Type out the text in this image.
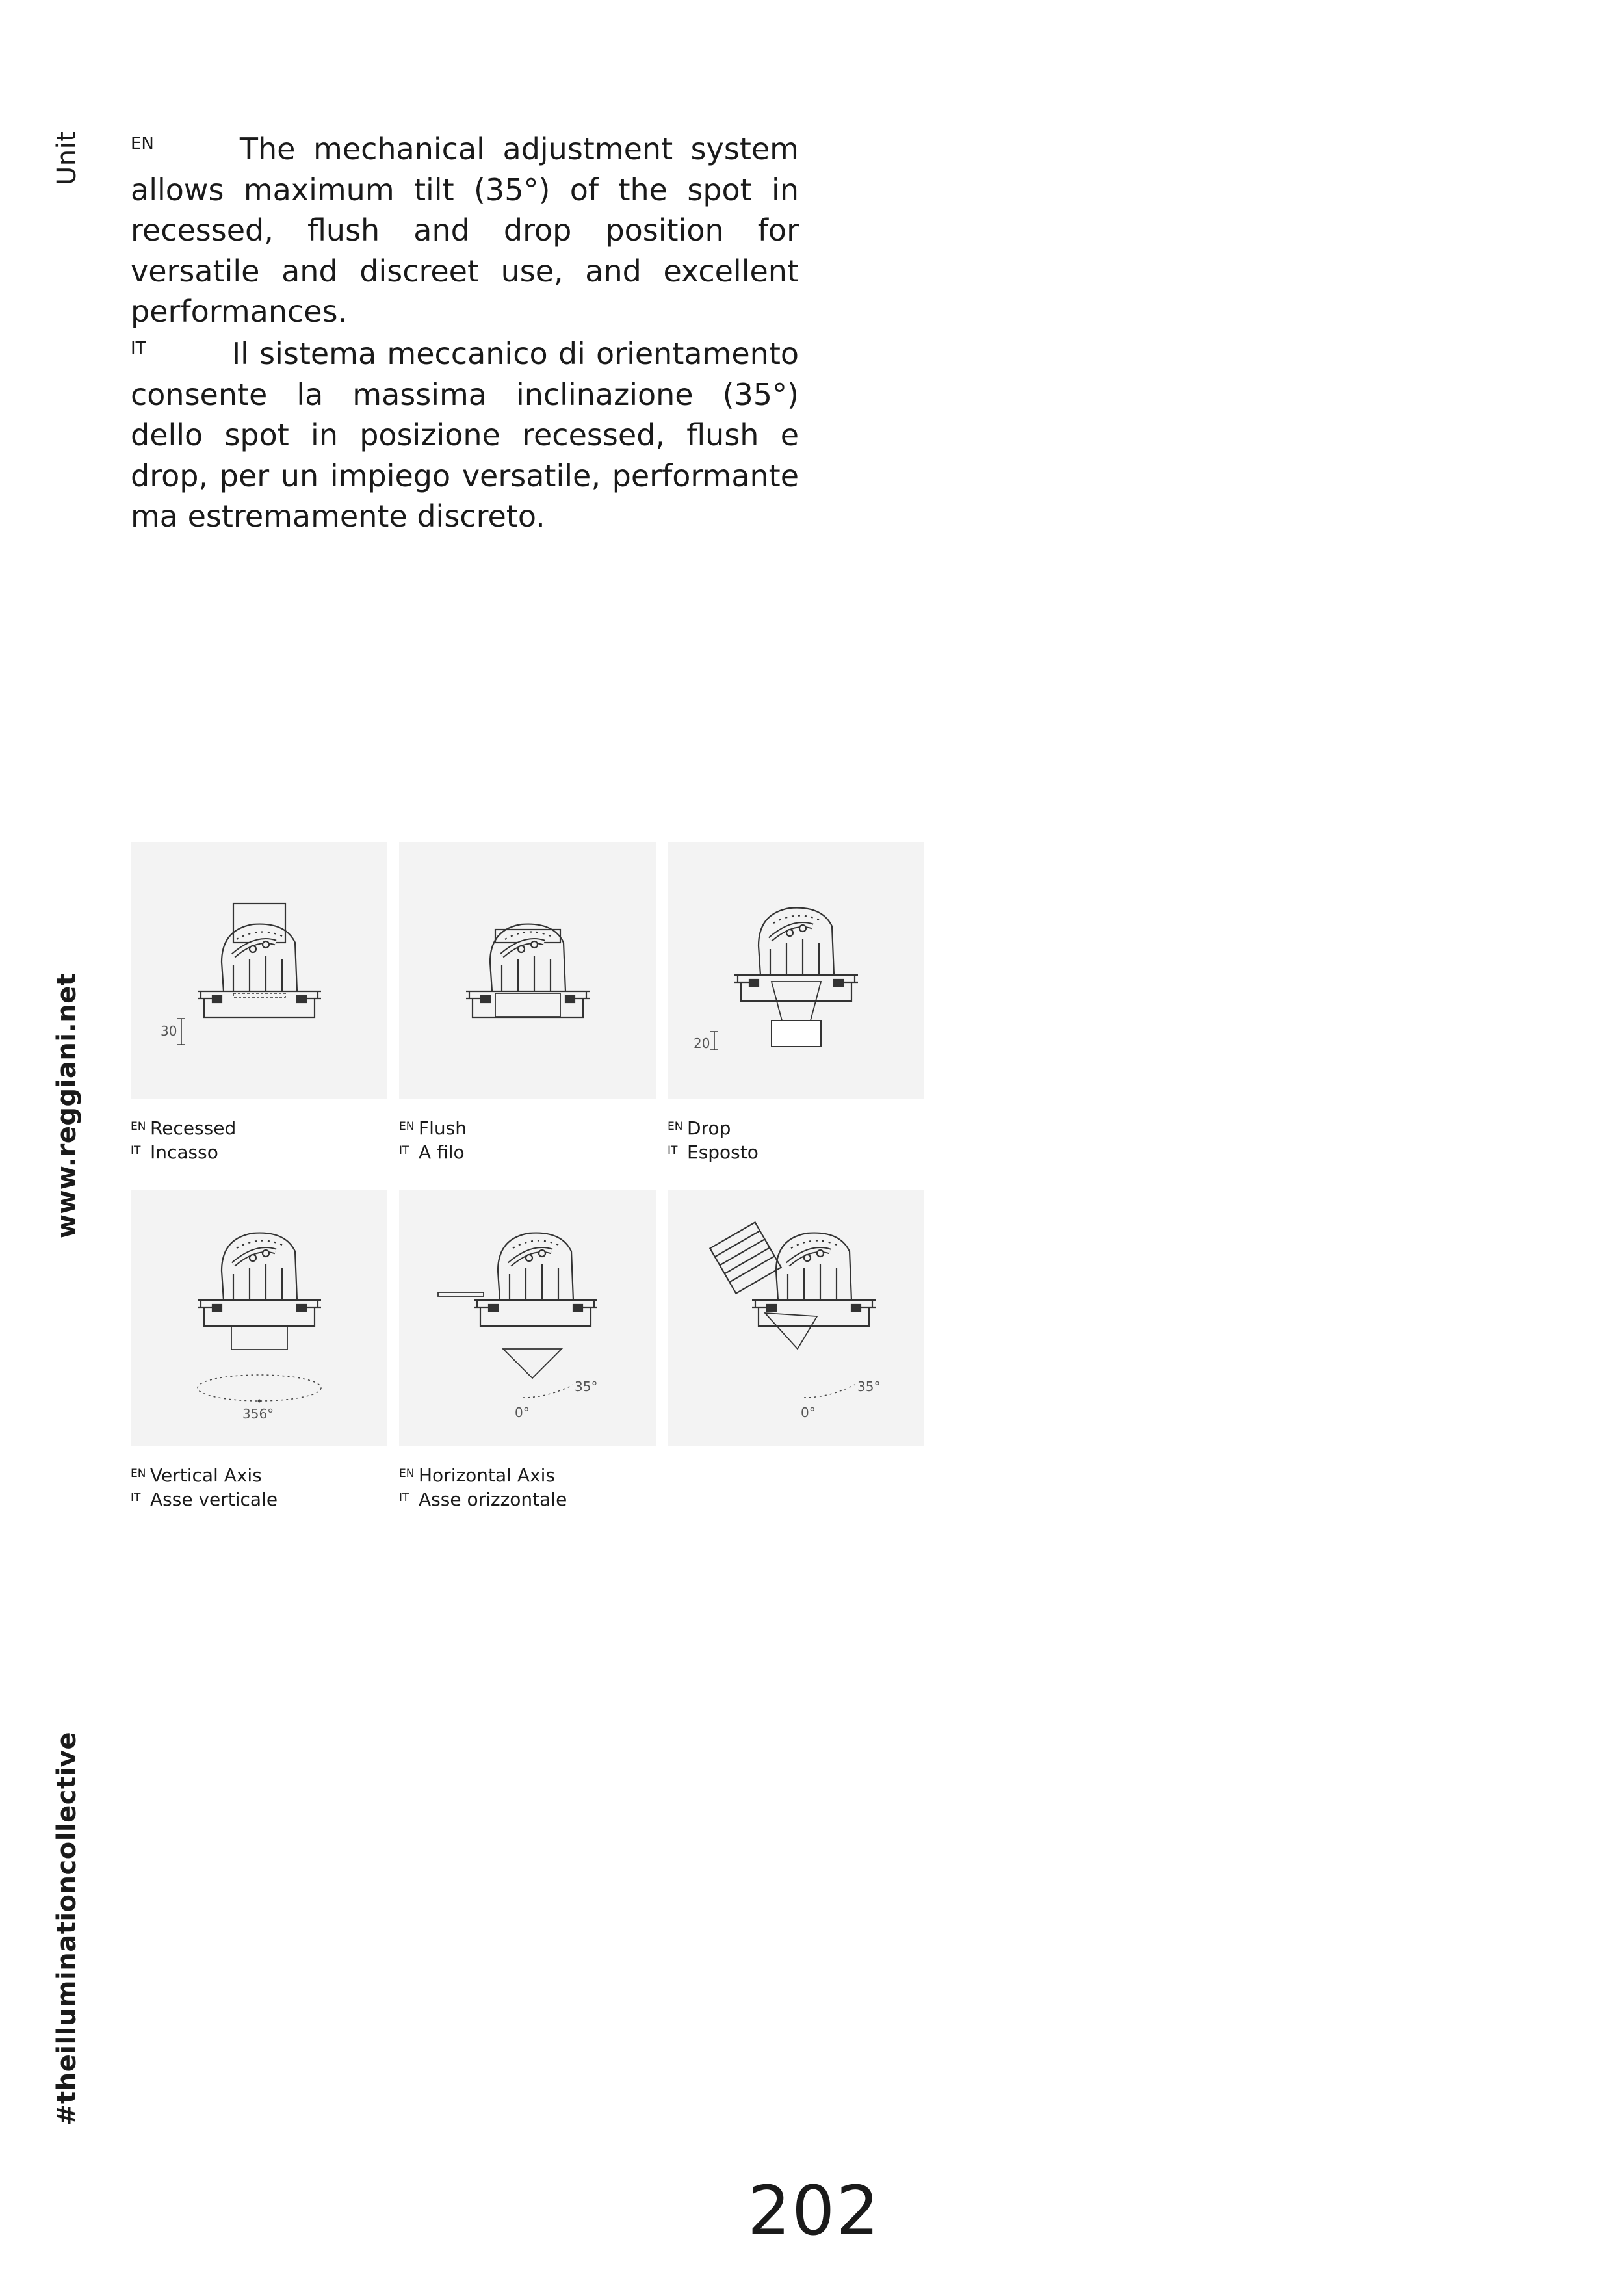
Unit
www.reggiani.net
#theilluminationcollective

$^{EN}$	The mechanical adjustment system allows maximum tilt (35°) of the spot in recessed, flush and drop position for versatile and discreet use, and excellent performances.

$^{IT}$	Il sistema meccanico di orientamento consente la massima inclinazione (35°) dello spot in posizione recessed, flush e drop, per un impiego versatile, performante ma estremamente discreto.

30
20
EN Recessed
IT Incasso
EN Flush
IT A filo
EN Drop
IT Esposto
356°	0°
35°
0°
35°
EN Vertical Axis
IT Asse verticale
EN Horizontal Axis
IT Asse orizzontale
202
